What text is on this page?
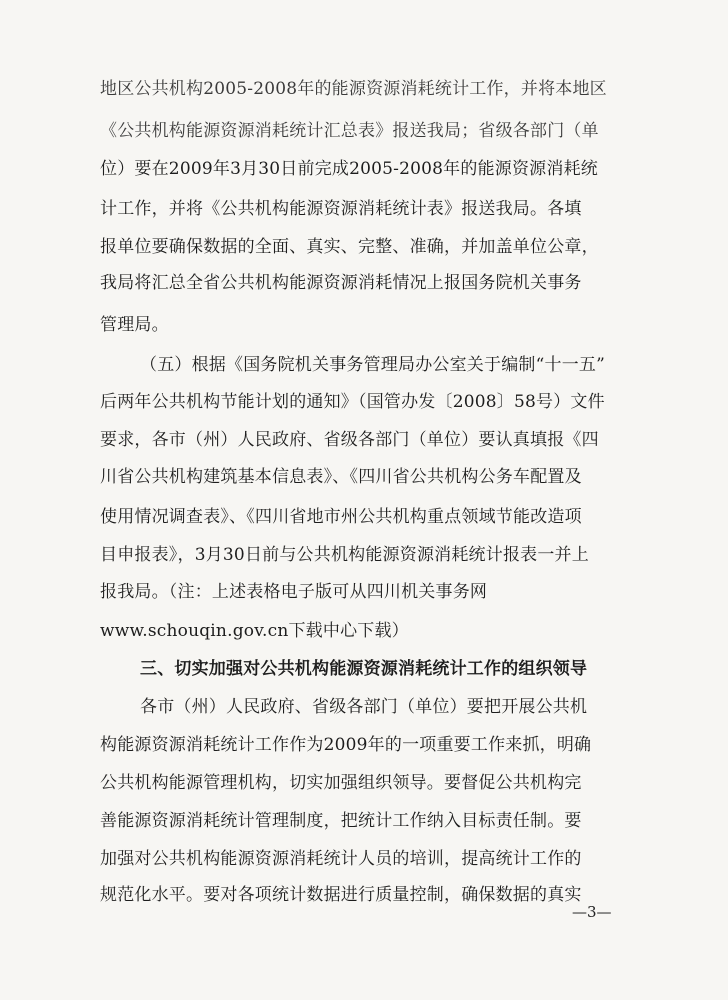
地区公共机构2005-2008年的能源资源消耗统计工作，并将本地区
《公共机构能源资源消耗统计汇总表》报送我局；省级各部门（单
位）要在2009年3月30日前完成2005-2008年的能源资源消耗统
计工作，并将《公共机构能源资源消耗统计表》报送我局。各填
报单位要确保数据的全面、真实、完整、准确，并加盖单位公章，
我局将汇总全省公共机构能源资源消耗情况上报国务院机关事务
管理局。
（五）根据《国务院机关事务管理局办公室关于编制“十一五”
后两年公共机构节能计划的通知》（国管办发〔2008〕58号）文件
要求，各市（州）人民政府、省级各部门（单位）要认真填报《四
川省公共机构建筑基本信息表》、《四川省公共机构公务车配置及
使用情况调查表》、《四川省地市州公共机构重点领域节能改造项
目申报表》，3月30日前与公共机构能源资源消耗统计报表一并上
报我局。（注：上述表格电子版可从四川机关事务网
www.schouqin.gov.cn下载中心下载）
三、切实加强对公共机构能源资源消耗统计工作的组织领导
各市（州）人民政府、省级各部门（单位）要把开展公共机
构能源资源消耗统计工作作为2009年的一项重要工作来抓，明确
公共机构能源管理机构，切实加强组织领导。要督促公共机构完
善能源资源消耗统计管理制度，把统计工作纳入目标责任制。要
加强对公共机构能源资源消耗统计人员的培训，提高统计工作的
规范化水平。要对各项统计数据进行质量控制，确保数据的真实
—3—
